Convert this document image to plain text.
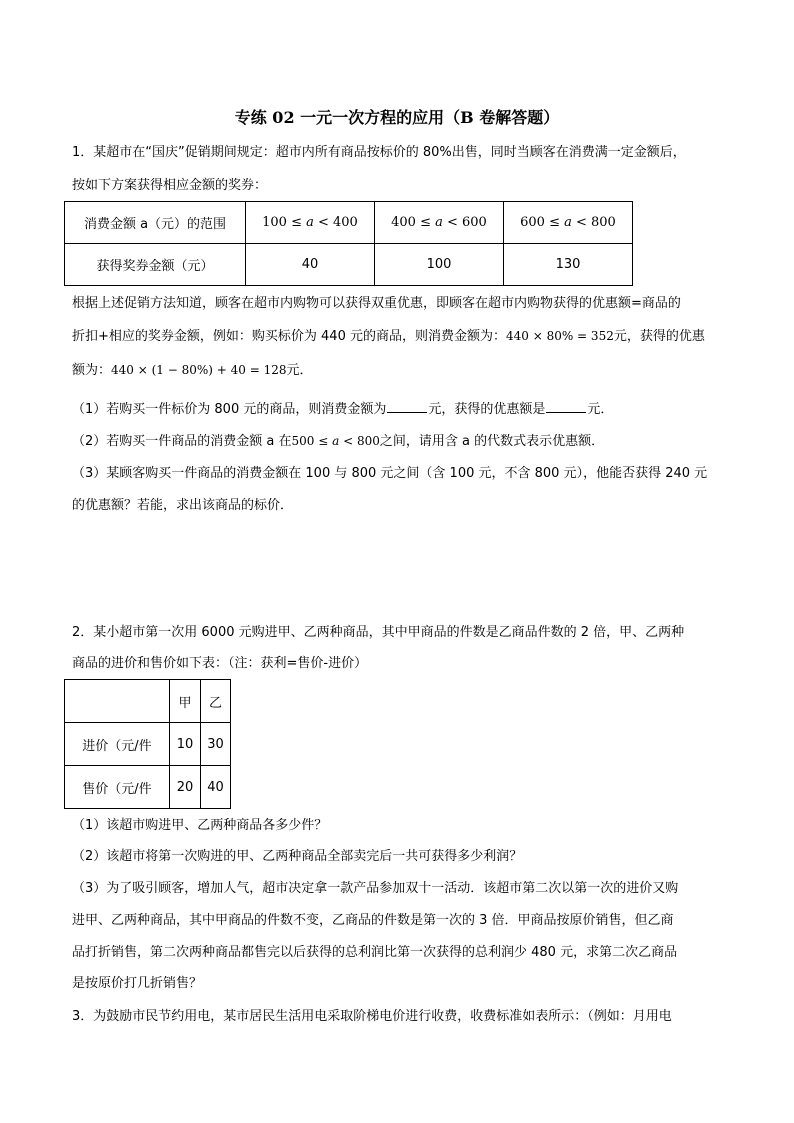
专练 02 一元一次方程的应用（B 卷解答题）
1．某超市在“国庆”促销期间规定：超市内所有商品按标价的 80%出售，同时当顾客在消费满一定金额后，
按如下方案获得相应金额的奖券：
消费金额 a（元）的范围	100 ≤ 𝑎 < 400	400 ≤ 𝑎 < 600	600 ≤ 𝑎 < 800
获得奖券金额（元）	40	100	130
根据上述促销方法知道，顾客在超市内购物可以获得双重优惠，即顾客在超市内购物获得的优惠额=商品的
折扣+相应的奖券金额，例如：购买标价为 440 元的商品，则消费金额为：440 × 80% = 352元，获得的优惠
额为：440 × (1 − 80%) + 40 = 128元．
（1）若购买一件标价为 800 元的商品，则消费金额为	元，获得的优惠额是	元．
（2）若购买一件商品的消费金额 a 在500 ≤ 𝑎 < 800之间，请用含 a 的代数式表示优惠额．
（3）某顾客购买一件商品的消费金额在 100 与 800 元之间（含 100 元，不含 800 元），他能否获得 240 元
的优惠额？若能，求出该商品的标价．
2．某小超市第一次用 6000 元购进甲、乙两种商品，其中甲商品的件数是乙商品件数的 2 倍，甲、乙两种
商品的进价和售价如下表：（注：获利=售价-进价）
	甲	乙
进价（元/件	10	30
售价（元/件	20	40
（1）该超市购进甲、乙两种商品各多少件？
（2）该超市将第一次购进的甲、乙两种商品全部卖完后一共可获得多少利润？
（3）为了吸引顾客，增加人气，超市决定拿一款产品参加双十一活动．该超市第二次以第一次的进价又购
进甲、乙两种商品，其中甲商品的件数不变，乙商品的件数是第一次的 3 倍．甲商品按原价销售，但乙商
品打折销售，第二次两种商品都售完以后获得的总利润比第一次获得的总利润少 480 元，求第二次乙商品
是按原价打几折销售？
3．为鼓励市民节约用电，某市居民生活用电采取阶梯电价进行收费，收费标准如表所示：（例如：月用电
